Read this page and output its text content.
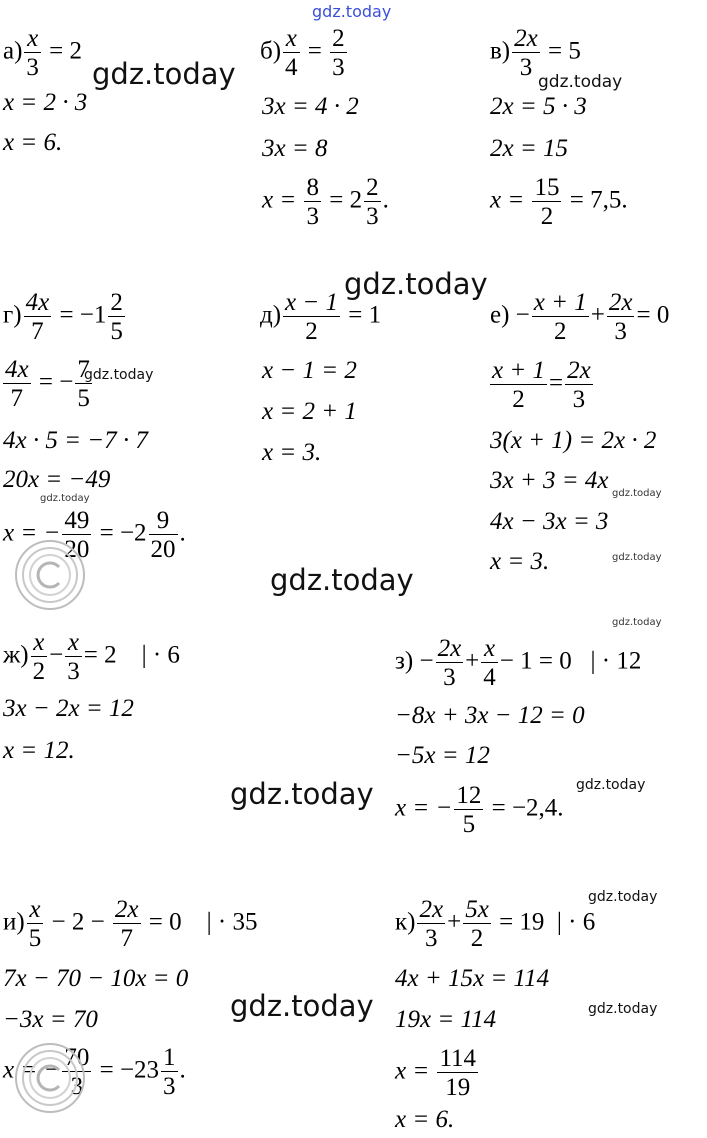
gdz.today
$а) \frac{x}{3} = 2$
x = 2 · 3
x = 6.
$б) \frac{x}{4} = \frac{2}{3}$
3x = 4 · 2
3x = 8
$x = \frac{8}{3} = 2 \frac{2}{3}$ .
$в) \frac{2x}{3} = 5$
2x = 5 · 3
2x = 15
$x = \frac{15}{2} = 7,5$.
$г) \frac{4x}{7} = -1 \frac{2}{5}$
$\frac{4x}{7}$ = − $\frac{7}{5}$
4x · 5 = −7 · 7
20x = −49
x = − $\frac{49}{20} = -2 \frac{9}{20}$ .
$д) \frac{x - 1}{2} = 1$
x − 1 = 2
x = 2 + 1
x = 3.
$е) - \frac{x + 1}{2} + \frac{2x}{3} = 0$
$\frac{x + 1}{2} = \frac{2x}{3}$
3(x + 1) = 2x · 2
3x + 3 = 4x
4x − 3x = 3
x = 3.
$ж) \frac{x}{2} - \frac{x}{3} = 2$ | · 6
3x − 2x = 12
x = 12.
$з) - \frac{2x}{3} + \frac{x}{4} - 1 = 0$ | · 12
−8x + 3x − 12 = 0
−5x = 12
x = − $\frac{12}{5} = -2,4$.
$и) \frac{x}{5} - 2 - \frac{2x}{7} = 0$ | · 35
7x − 70 − 10x = 0
−3x = 70
x = − $\frac{70}{3} = -23 \frac{1}{3}$ .
$к) \frac{2x}{3} + \frac{5x}{2} = 19$ | · 6
4x + 15x = 114
19x = 114
$x = \frac{114}{19}$
x = 6.
gdz.today
gdz.today
gdz.today
gdz.today
gdz.today
gdz.today
gdz.today
gdz.today
gdz.today
gdz.today
gdz.today	gdz.today
gdz.today
gdz.today
